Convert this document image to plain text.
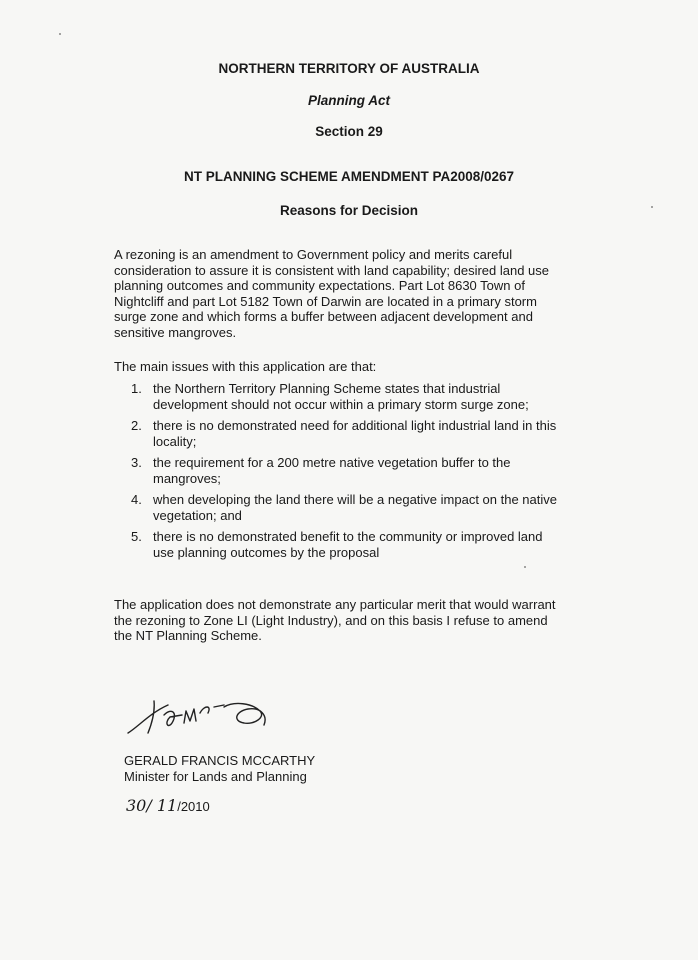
NORTHERN TERRITORY OF AUSTRALIA
Planning Act
Section 29
NT PLANNING SCHEME AMENDMENT PA2008/0267
Reasons for Decision
A rezoning is an amendment to Government policy and merits careful
consideration to assure it is consistent with land capability; desired land use
planning outcomes and community expectations. Part Lot 8630 Town of
Nightcliff and part Lot 5182 Town of Darwin are located in a primary storm
surge zone and which forms a buffer between adjacent development and
sensitive mangroves.
The main issues with this application are that:
1. the Northern Territory Planning Scheme states that industrial
development should not occur within a primary storm surge zone;
2. there is no demonstrated need for additional light industrial land in this
locality;
3. the requirement for a 200 metre native vegetation buffer to the
mangroves;
4. when developing the land there will be a negative impact on the native
vegetation; and
5. there is no demonstrated benefit to the community or improved land
use planning outcomes by the proposal
The application does not demonstrate any particular merit that would warrant
the rezoning to Zone LI (Light Industry), and on this basis I refuse to amend
the NT Planning Scheme.
GERALD FRANCIS MCCARTHY
Minister for Lands and Planning
30/ 11/2010
